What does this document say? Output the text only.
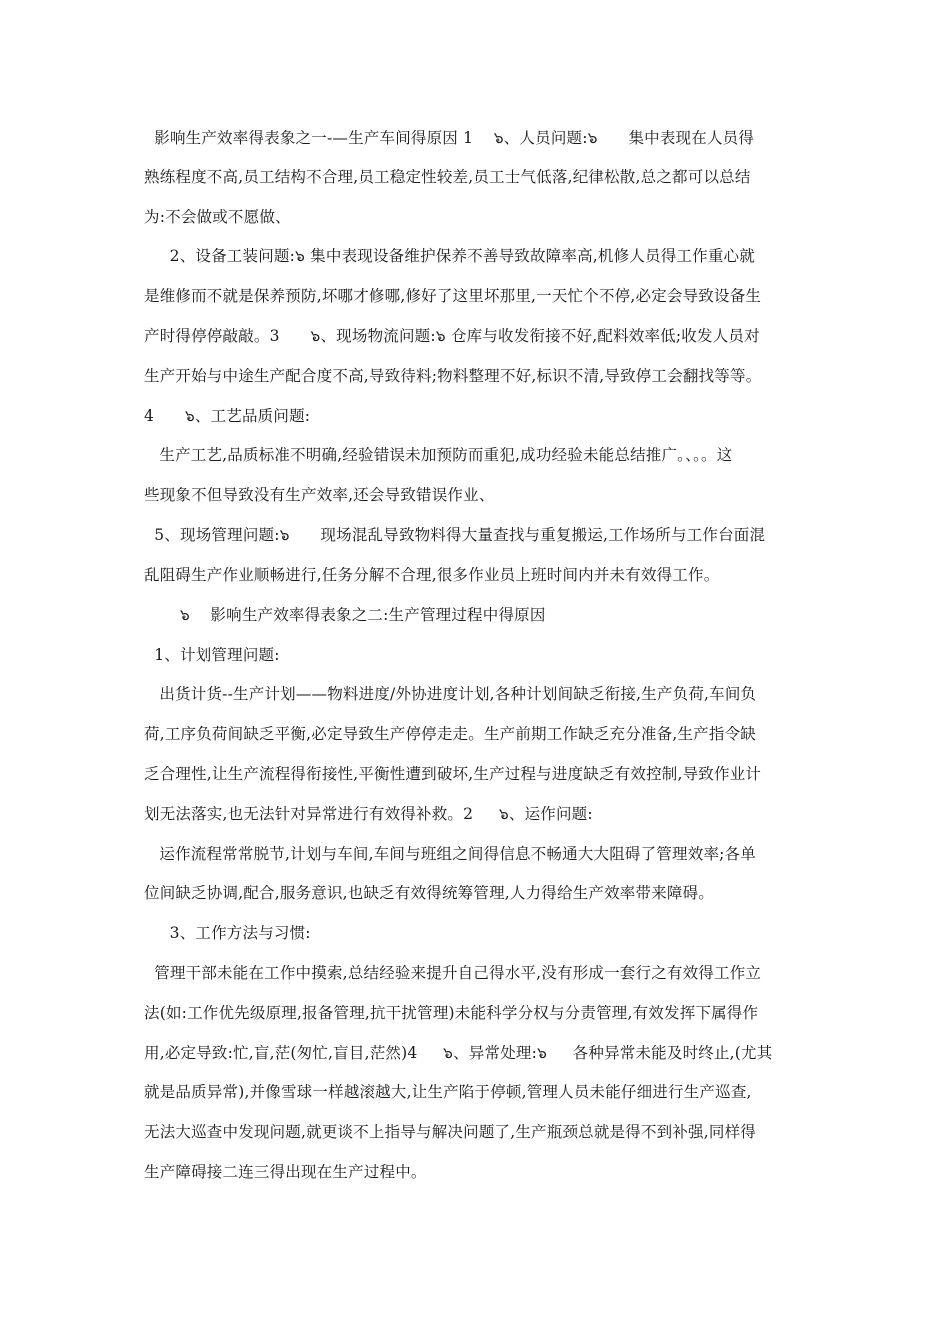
影响生产效率得表象之一-—生产车间得原因 1    ๖、人员问题:๖      集中表现在人员得
熟练程度不高,员工结构不合理,员工稳定性较差,员工士气低落,纪律松散,总之都可以总结
为:不会做或不愿做、
2、设备工装问题:๖ 集中表现设备维护保养不善导致故障率高,机修人员得工作重心就
是维修而不就是保养预防,坏哪才修哪,修好了这里坏那里,一天忙个不停,必定会导致设备生
产时得停停敲敲。3      ๖、现场物流问题:๖ 仓库与收发衔接不好,配料效率低;收发人员对
生产开始与中途生产配合度不高,导致待料;物料整理不好,标识不清,导致停工会翻找等等。
4      ๖、工艺品质问题:
生产工艺,品质标准不明确,经验错误未加预防而重犯,成功经验未能总结推广。、。。这
些现象不但导致没有生产效率,还会导致错误作业、
5、现场管理问题:๖      现场混乱导致物料得大量查找与重复搬运,工作场所与工作台面混
乱阻碍生产作业顺畅进行,任务分解不合理,很多作业员上班时间内并未有效得工作。
๖    影响生产效率得表象之二:生产管理过程中得原因
1、计划管理问题:
出货计货--生产计划——物料进度/外协进度计划,各种计划间缺乏衔接,生产负荷,车间负
荷,工序负荷间缺乏平衡,必定导致生产停停走走。生产前期工作缺乏充分准备,生产指令缺
乏合理性,让生产流程得衔接性,平衡性遭到破坏,生产过程与进度缺乏有效控制,导致作业计
划无法落实,也无法针对异常进行有效得补救。2     ๖、运作问题:
运作流程常常脱节,计划与车间,车间与班组之间得信息不畅通大大阻碍了管理效率;各单
位间缺乏协调,配合,服务意识,也缺乏有效得统筹管理,人力得给生产效率带来障碍。
3、工作方法与习惯:
管理干部未能在工作中摸索,总结经验来提升自己得水平,没有形成一套行之有效得工作立
法(如:工作优先级原理,报备管理,抗干扰管理)未能科学分权与分责管理,有效发挥下属得作
用,必定导致:忙,盲,茫(匆忙,盲目,茫然)4     ๖、异常处理:๖     各种异常未能及时终止,(尤其
就是品质异常),并像雪球一样越滚越大,让生产陷于停顿,管理人员未能仔细进行生产巡查,
无法大巡查中发现问题,就更谈不上指导与解决问题了,生产瓶颈总就是得不到补强,同样得
生产障碍接二连三得出现在生产过程中。
